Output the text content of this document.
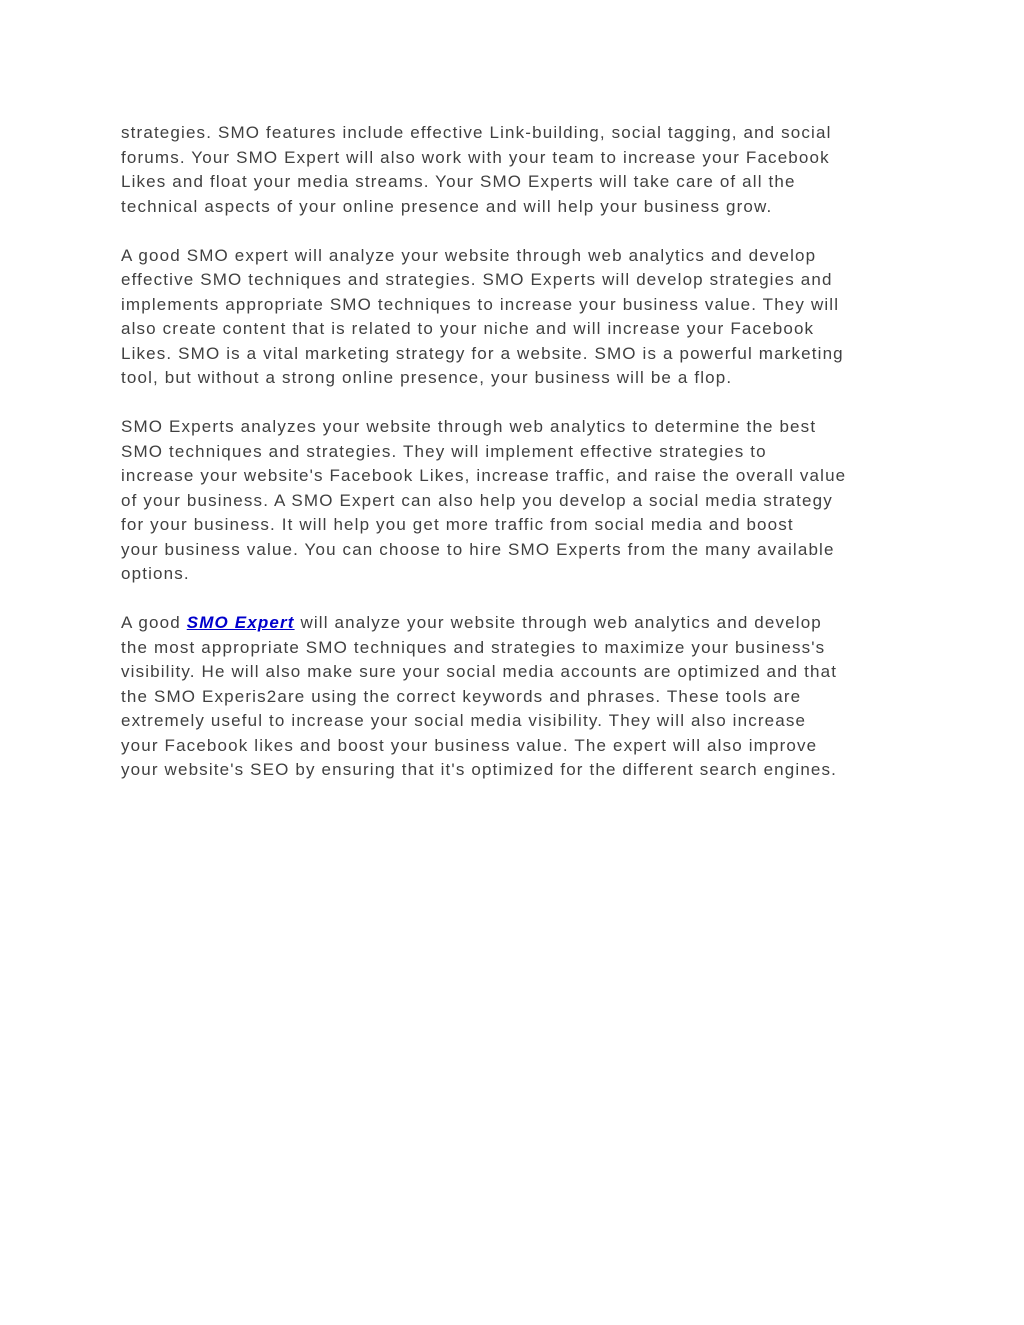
strategies. SMO features include effective Link-building, social tagging, and social
forums. Your SMO Expert will also work with your team to increase your Facebook
Likes and float your media streams. Your SMO Experts will take care of all the
technical aspects of your online presence and will help your business grow.

A good SMO expert will analyze your website through web analytics and develop
effective SMO techniques and strategies. SMO Experts will develop strategies and
implements appropriate SMO techniques to increase your business value. They will
also create content that is related to your niche and will increase your Facebook
Likes. SMO is a vital marketing strategy for a website. SMO is a powerful marketing
tool, but without a strong online presence, your business will be a flop.

SMO Experts analyzes your website through web analytics to determine the best
SMO techniques and strategies. They will implement effective strategies to
increase your website's Facebook Likes, increase traffic, and raise the overall value
of your business. A SMO Expert can also help you develop a social media strategy
for your business. It will help you get more traffic from social media and boost
your business value. You can choose to hire SMO Experts from the many available
options.

A good SMO Expert will analyze your website through web analytics and develop
the most appropriate SMO techniques and strategies to maximize your business's
visibility. He will also make sure your social media accounts are optimized and that
the SMO Experis2are using the correct keywords and phrases. These tools are
extremely useful to increase your social media visibility. They will also increase
your Facebook likes and boost your business value. The expert will also improve
your website's SEO by ensuring that it's optimized for the different search engines.
